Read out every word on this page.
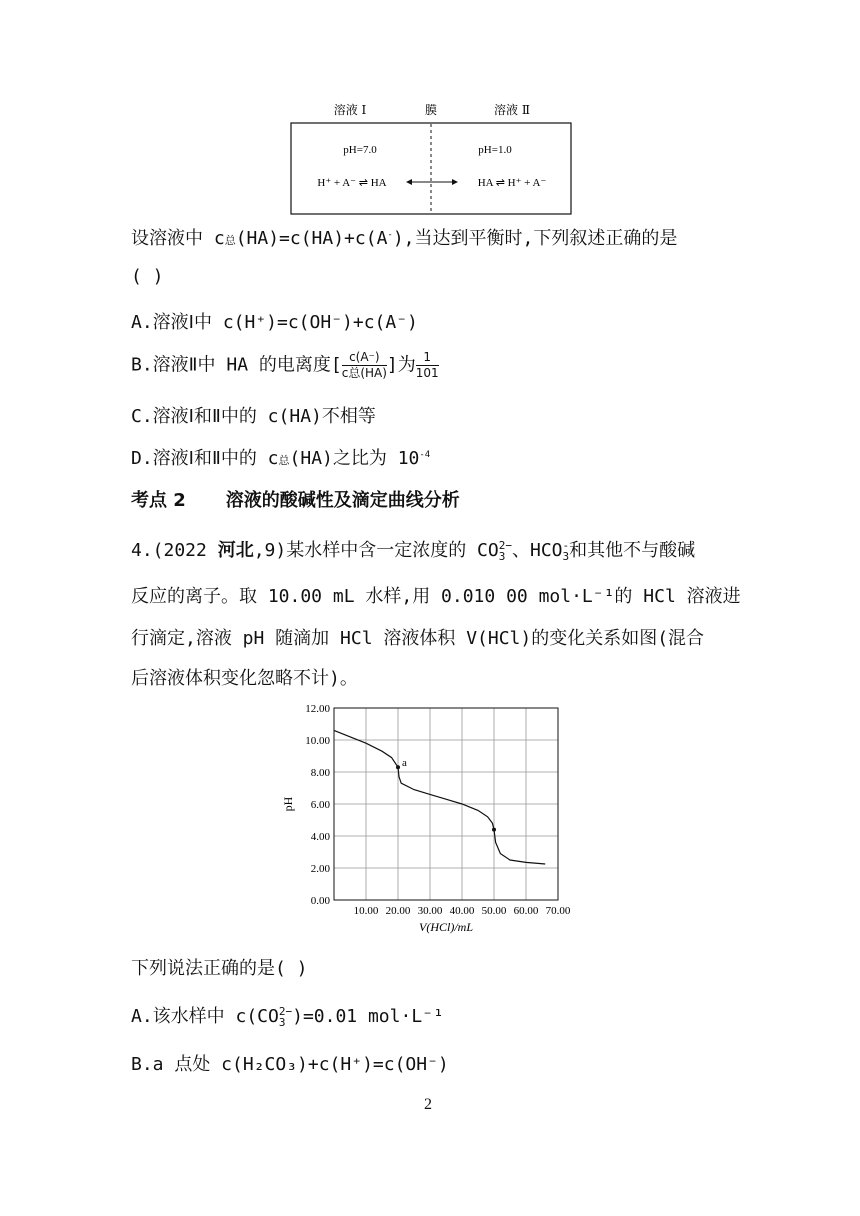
溶液 Ⅰ	膜	溶液 Ⅱ
pH=7.0	pH=1.0
H⁺ + A⁻ ⇌ HA	HA ⇌ H⁺ + A⁻
设溶液中 c总(HA)=c(HA)+c(A-),当达到平衡时,下列叙述正确的是
( )
A.溶液Ⅰ中 c(H⁺)=c(OH⁻)+c(A⁻)
B.溶液Ⅱ中 HA 的电离度[ $\frac{c(A^-)}{\text{c总(HA)}}$ ]为 $\frac{1}{101}$
C.溶液Ⅰ和Ⅱ中的 c(HA)不相等
D.溶液Ⅰ和Ⅱ中的 c总(HA)之比为 $10^{-4}$
考点 2 溶液的酸碱性及滴定曲线分析
4.(2022 河北,9)某水样中含一定浓度的 CO 2−
3 、HCO -
3 和其他不与酸碱
反应的离子。取 10.00 mL 水样,用 0.010 00 mol·L⁻¹的 HCl 溶液进
行滴定,溶液 pH 随滴加 HCl 溶液体积 V(HCl)的变化关系如图(混合
后溶液体积变化忽略不计)。
0.00
2.00
4.00
6.00
8.00
10.00
12.00
10.00 20.00 30.00 40.00 50.00 60.00 70.00
V(HCl)/mL
pH
a
下列说法正确的是( )
A.该水样中 c(CO 2−
3 )=0.01 mol·L⁻¹
B.a 点处 c(H₂CO₃)+c(H⁺)=c(OH⁻)
2
